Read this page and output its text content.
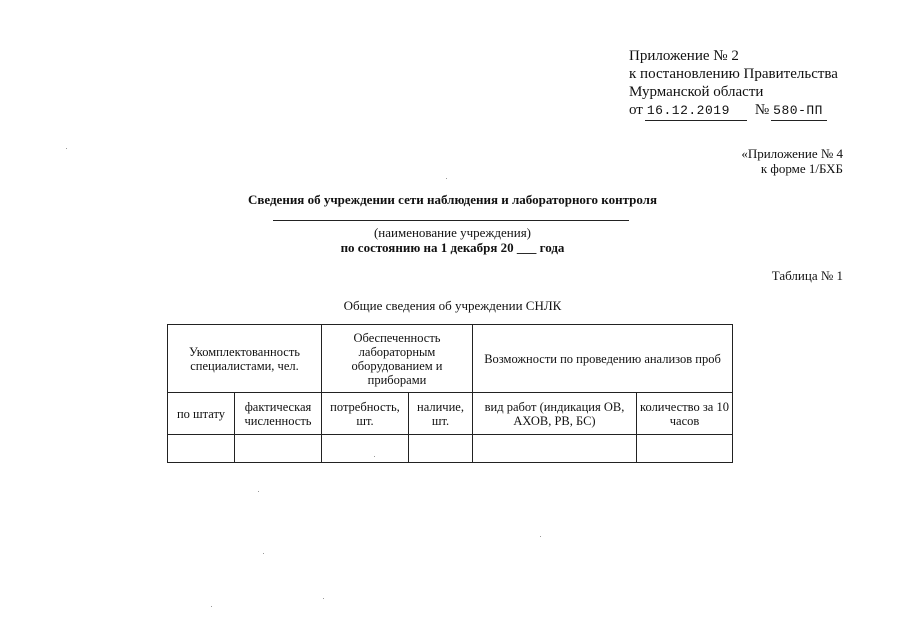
Приложение № 2
к постановлению Правительства
Мурманской области
от 16.12.2019	№ 580-ПП
«Приложение № 4
к форме 1/БХБ
Сведения об учреждении сети наблюдения и лабораторного контроля
(наименование учреждения)
по состоянию на 1 декабря 20 ___ года
Таблица № 1
Общие сведения об учреждении СНЛК
Укомплектованность специалистами, чел.		Обеспеченность лабораторным оборудованием и приборами		Возможности по проведению анализов проб	
по штату	фактическая численность	потребность, шт.	наличие, шт.	вид работ (индикация ОВ, АХОВ, РВ, БС)	количество за 10 часов
